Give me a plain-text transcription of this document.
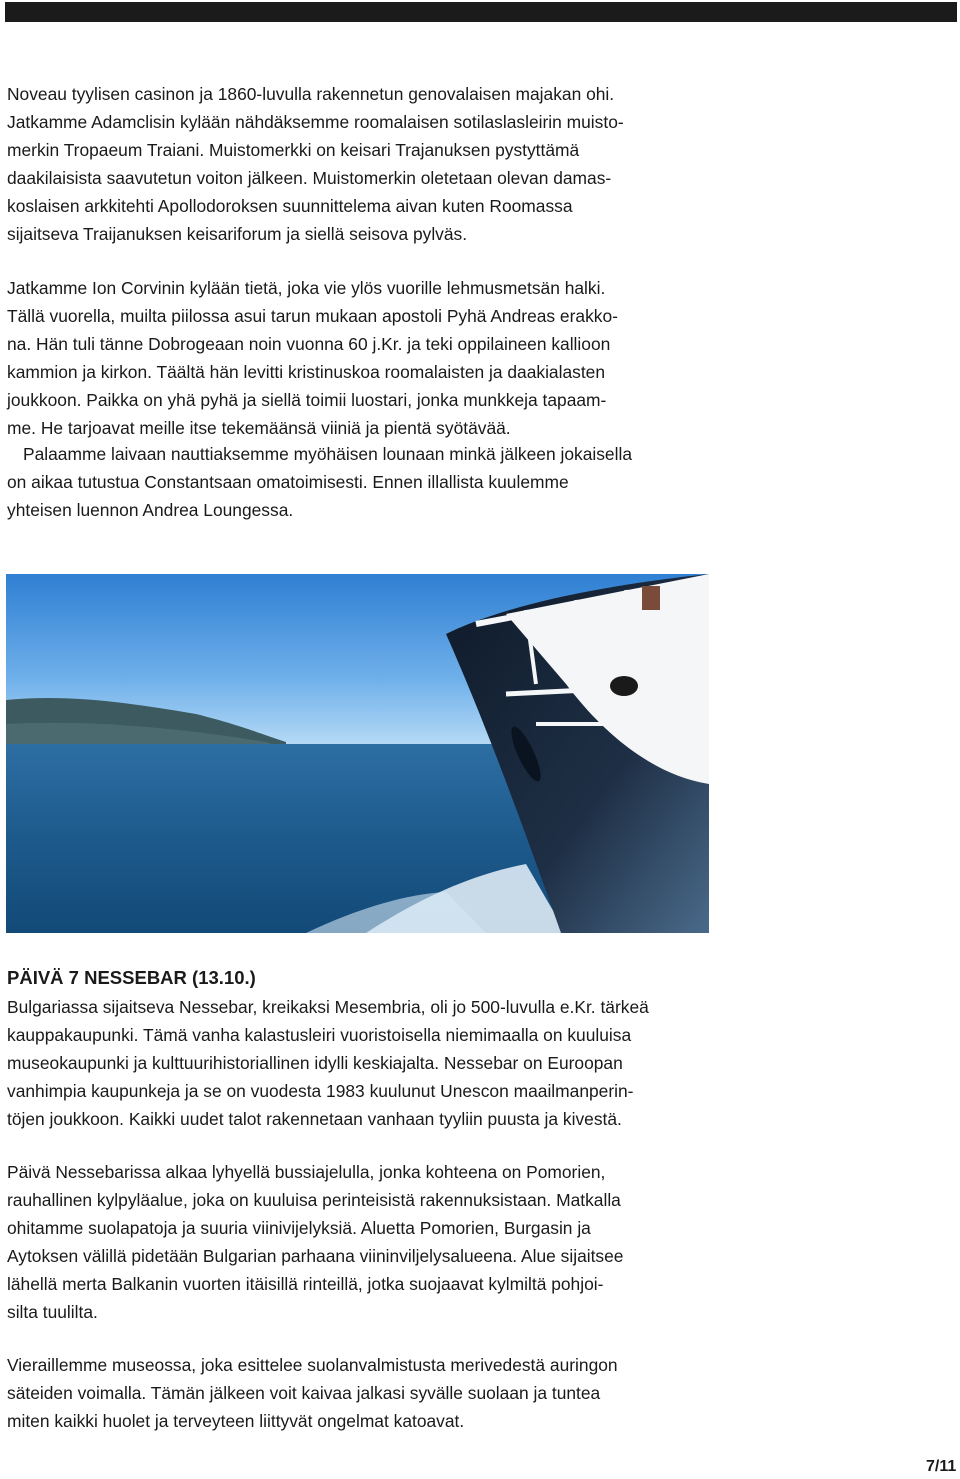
Noveau tyylisen casinon ja 1860-luvulla rakennetun genovalaisen majakan ohi.
Jatkamme Adamclisin kylään nähdäksemme roomalaisen sotilaslasleirin muisto-
merkin Tropaeum Traiani. Muistomerkki on keisari Trajanuksen pystyttämä
daakilaisista saavutetun voiton jälkeen. Muistomerkin oletetaan olevan damas-
koslaisen arkkitehti Apollodoroksen suunnittelema aivan kuten Roomassa
sijaitseva Traijanuksen keisariforum ja siellä seisova pylväs.

Jatkamme Ion Corvinin kylään tietä, joka vie ylös vuorille lehmusmetsän halki.
Tällä vuorella, muilta piilossa asui tarun mukaan apostoli Pyhä Andreas erakko-
na. Hän tuli tänne Dobrogeaan noin vuonna 60 j.Kr. ja teki oppilaineen kallioon
kammion ja kirkon. Täältä hän levitti kristinuskoa roomalaisten ja daakialasten
joukkoon. Paikka on yhä pyhä ja siellä toimii luostari, jonka munkkeja tapaam-
me. He tarjoavat meille itse tekemäänsä viiniä ja pientä syötävää.

Palaamme laivaan nauttiaksemme myöhäisen lounaan minkä jälkeen jokaisella
on aikaa tutustua Constantsaan omatoimisesti. Ennen illallista kuulemme
yhteisen luennon Andrea Loungessa.

PÄIVÄ 7 NESSEBAR (13.10.)

Bulgariassa sijaitseva Nessebar, kreikaksi Mesembria, oli jo 500-luvulla e.Kr. tärkeä
kauppakaupunki. Tämä vanha kalastusleiri vuoristoisella niemimaalla on kuuluisa
museokaupunki ja kulttuurihistoriallinen idylli keskiajalta. Nessebar on Euroopan
vanhimpia kaupunkeja ja se on vuodesta 1983 kuulunut Unescon maailmanperin-
töjen joukkoon. Kaikki uudet talot rakennetaan vanhaan tyyliin puusta ja kivestä.

Päivä Nessebarissa alkaa lyhyellä bussiajelulla, jonka kohteena on Pomorien,
rauhallinen kylpyläalue, joka on kuuluisa perinteisistä rakennuksistaan. Matkalla
ohitamme suolapatoja ja suuria viinivijelyksiä. Aluetta Pomorien, Burgasin ja
Aytoksen välillä pidetään Bulgarian parhaana viininviljelysalueena. Alue sijaitsee
lähellä merta Balkanin vuorten itäisillä rinteillä, jotka suojaavat kylmiltä pohjoi-
silta tuulilta.

Vieraillemme museossa, joka esittelee suolanvalmistusta merivedestä auringon
säteiden voimalla. Tämän jälkeen voit kaivaa jalkasi syvälle suolaan ja tuntea
miten kaikki huolet ja terveyteen liittyvät ongelmat katoavat.

7/11
